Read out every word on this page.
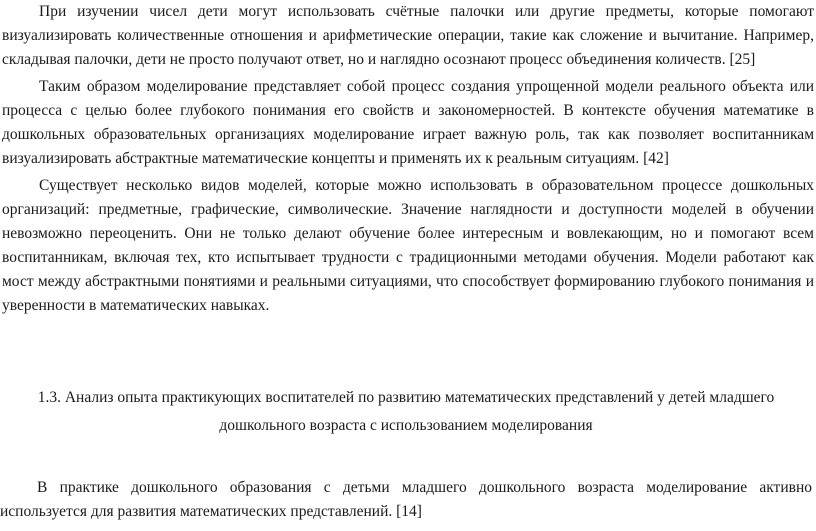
При изучении чисел дети могут использовать счётные палочки или другие предметы, которые помогают визуализировать количественные отношения и арифметические операции, такие как сложение и вычитание. Например, складывая палочки, дети не просто получают ответ, но и наглядно осознают процесс объединения количеств. [25]

Таким образом моделирование представляет собой процесс создания упрощенной модели реального объекта или процесса с целью более глубокого понимания его свойств и закономерностей. В контексте обучения математике в дошкольных образовательных организациях моделирование играет важную роль, так как позволяет воспитанникам визуализировать абстрактные математические концепты и применять их к реальным ситуациям. [42]

Существует несколько видов моделей, которые можно использовать в образовательном процессе дошкольных организаций: предметные, графические, символические. Значение наглядности и доступности моделей в обучении невозможно переоценить. Они не только делают обучение более интересным и вовлекающим, но и помогают всем воспитанникам, включая тех, кто испытывает трудности с традиционными методами обучения. Модели работают как мост между абстрактными понятиями и реальными ситуациями, что способствует формированию глубокого понимания и уверенности в математических навыках.

1.3. Анализ опыта практикующих воспитателей по развитию математических представлений у детей младшего
дошкольного возраста с использованием моделирования

В практике дошкольного образования с детьми младшего дошкольного возраста моделирование активно используется для развития математических представлений. [14]
